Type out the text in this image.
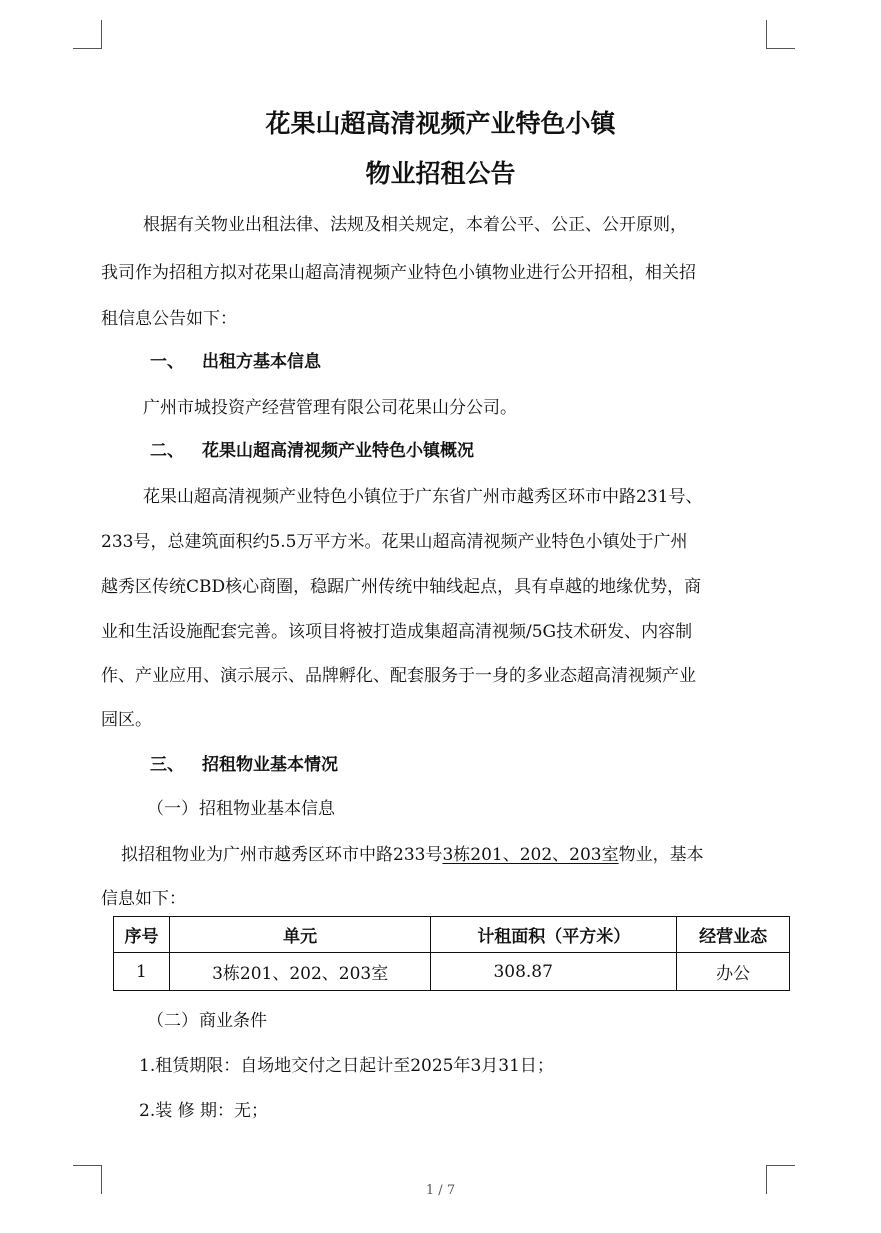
花果山超高清视频产业特色小镇
物业招租公告
根据有关物业出租法律、法规及相关规定，本着公平、公正、公开原则，
我司作为招租方拟对花果山超高清视频产业特色小镇物业进行公开招租，相关招
租信息公告如下：
一、 出租方基本信息
广州市城投资产经营管理有限公司花果山分公司。
二、 花果山超高清视频产业特色小镇概况
花果山超高清视频产业特色小镇位于广东省广州市越秀区环市中路231号、
233号，总建筑面积约5.5万平方米。花果山超高清视频产业特色小镇处于广州
越秀区传统CBD核心商圈，稳踞广州传统中轴线起点，具有卓越的地缘优势，商
业和生活设施配套完善。该项目将被打造成集超高清视频/5G技术研发、内容制
作、产业应用、演示展示、品牌孵化、配套服务于一身的多业态超高清视频产业
园区。
三、 招租物业基本情况
（一）招租物业基本信息
拟招租物业为广州市越秀区环市中路233号3栋201、202、203室物业，基本
信息如下：
序号	单元	计租面积（平方米）	经营业态
1	3栋201、202、203室	308.87	办公
（二）商业条件
1.租赁期限：自场地交付之日起计至2025年3月31日；
2.装 修 期：无；
1 / 7
